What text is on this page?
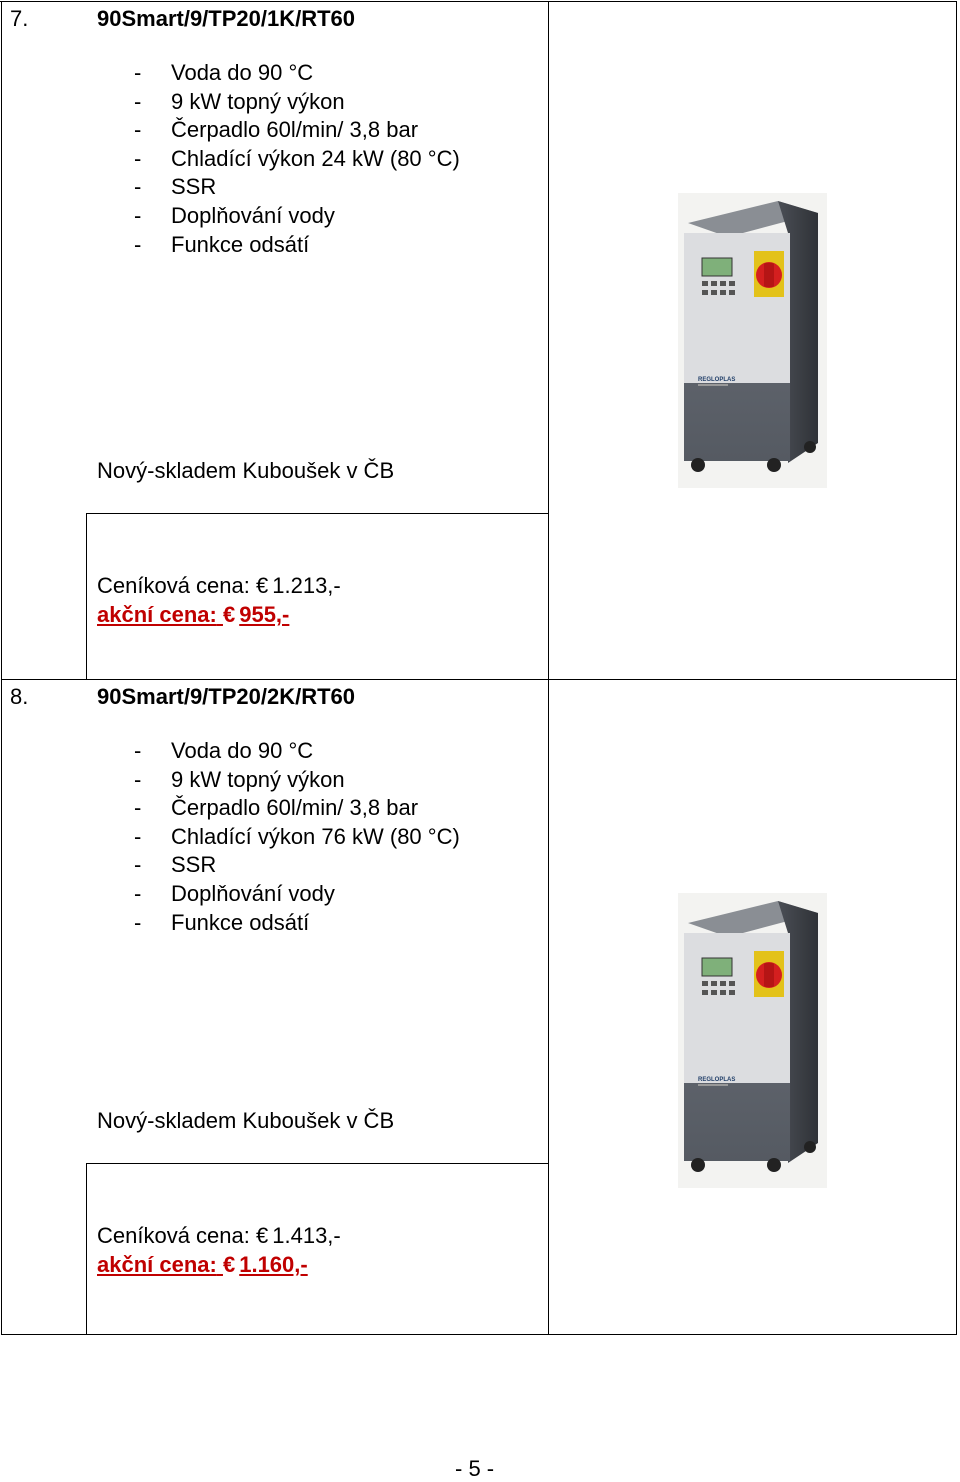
7.	90Smart/9/TP20/1K/RT60
- Voda do 90 °C
- 9 kW topný výkon
- Čerpadlo 60l/min/ 3,8 bar
- Chladící výkon 24 kW (80 °C)
- SSR
- Doplňování vody
- Funkce odsátí
Nový-skladem Kuboušek v ČB
Ceníková cena: € 1.213,-
akční cena: € 955,-
REGLOPLAS
8.	90Smart/9/TP20/2K/RT60
- Voda do 90 °C
- 9 kW topný výkon
- Čerpadlo 60l/min/ 3,8 bar
- Chladící výkon 76 kW (80 °C)
- SSR
- Doplňování vody
- Funkce odsátí
Nový-skladem Kuboušek v ČB
Ceníková cena: € 1.413,-
akční cena: € 1.160,-
REGLOPLAS
- 5 -
